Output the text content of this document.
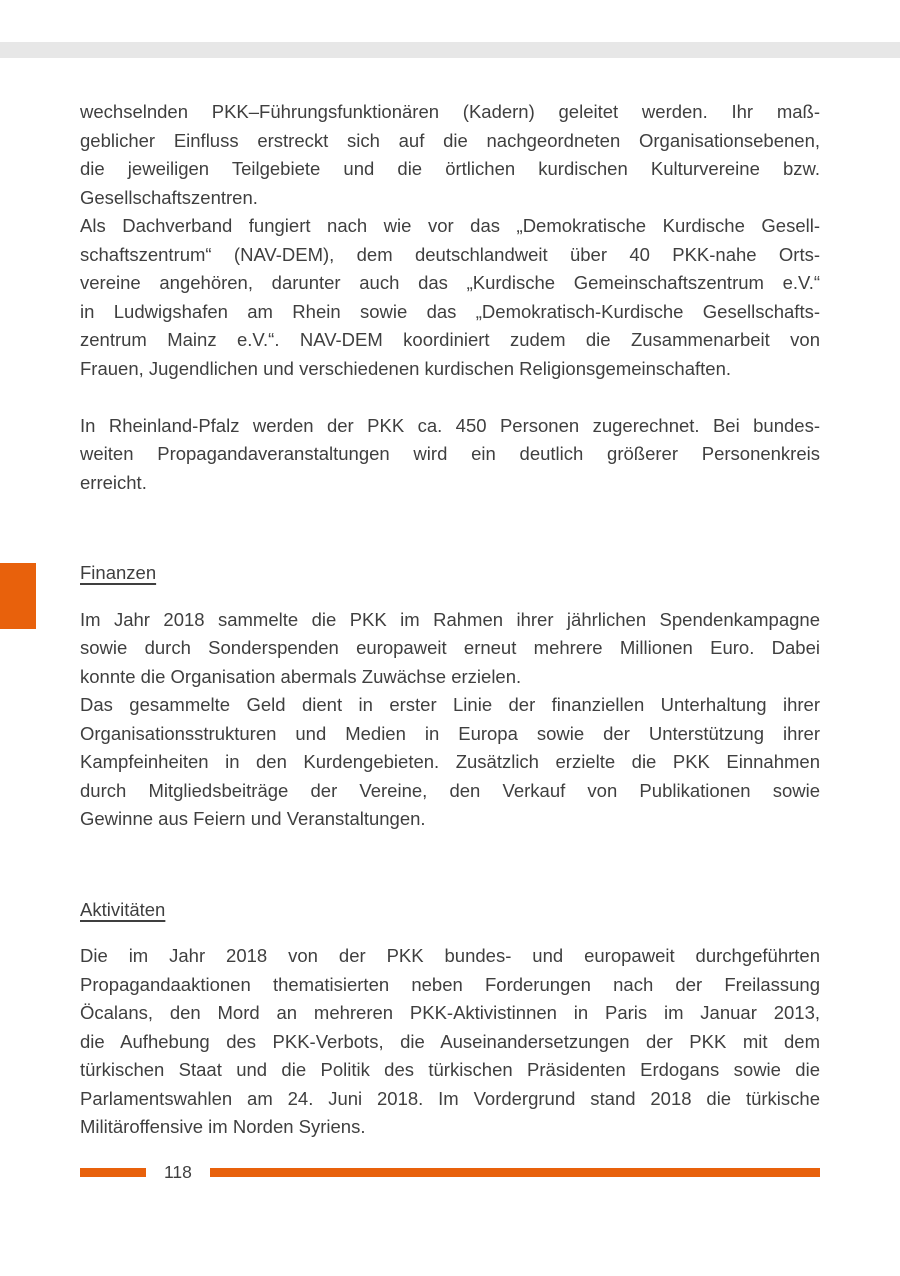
wechselnden PKK–Führungsfunktionären (Kadern) geleitet werden. Ihr maß-
geblicher Einfluss erstreckt sich auf die nachgeordneten Organisationsebenen,
die jeweiligen Teilgebiete und die örtlichen kurdischen Kulturvereine bzw.
Gesellschaftszentren.
Als Dachverband fungiert nach wie vor das „Demokratische Kurdische Gesell-
schaftszentrum“ (NAV-DEM), dem deutschlandweit über 40 PKK-nahe Orts-
vereine angehören, darunter auch das „Kurdische Gemeinschaftszentrum e.V.“
in Ludwigshafen am Rhein sowie das „Demokratisch-Kurdische Gesellschafts-
zentrum Mainz e.V.“. NAV-DEM koordiniert zudem die Zusammenarbeit von
Frauen, Jugendlichen und verschiedenen kurdischen Religionsgemeinschaften.
In Rheinland-Pfalz werden der PKK ca. 450 Personen zugerechnet. Bei bundes-
weiten Propagandaveranstaltungen wird ein deutlich größerer Personenkreis
erreicht.
Finanzen
Im Jahr 2018 sammelte die PKK im Rahmen ihrer jährlichen Spendenkampagne
sowie durch Sonderspenden europaweit erneut mehrere Millionen Euro. Dabei
konnte die Organisation abermals Zuwächse erzielen.
Das gesammelte Geld dient in erster Linie der finanziellen Unterhaltung ihrer
Organisationsstrukturen und Medien in Europa sowie der Unterstützung ihrer
Kampfeinheiten in den Kurdengebieten. Zusätzlich erzielte die PKK Einnahmen
durch Mitgliedsbeiträge der Vereine, den Verkauf von Publikationen sowie
Gewinne aus Feiern und Veranstaltungen.
Aktivitäten
Die im Jahr 2018 von der PKK bundes- und europaweit durchgeführten
Propagandaaktionen thematisierten neben Forderungen nach der Freilassung
Öcalans, den Mord an mehreren PKK-Aktivistinnen in Paris im Januar 2013,
die Aufhebung des PKK-Verbots, die Auseinandersetzungen der PKK mit dem
türkischen Staat und die Politik des türkischen Präsidenten Erdogans sowie die
Parlamentswahlen am 24. Juni 2018. Im Vordergrund stand 2018 die türkische
Militäroffensive im Norden Syriens.
118
